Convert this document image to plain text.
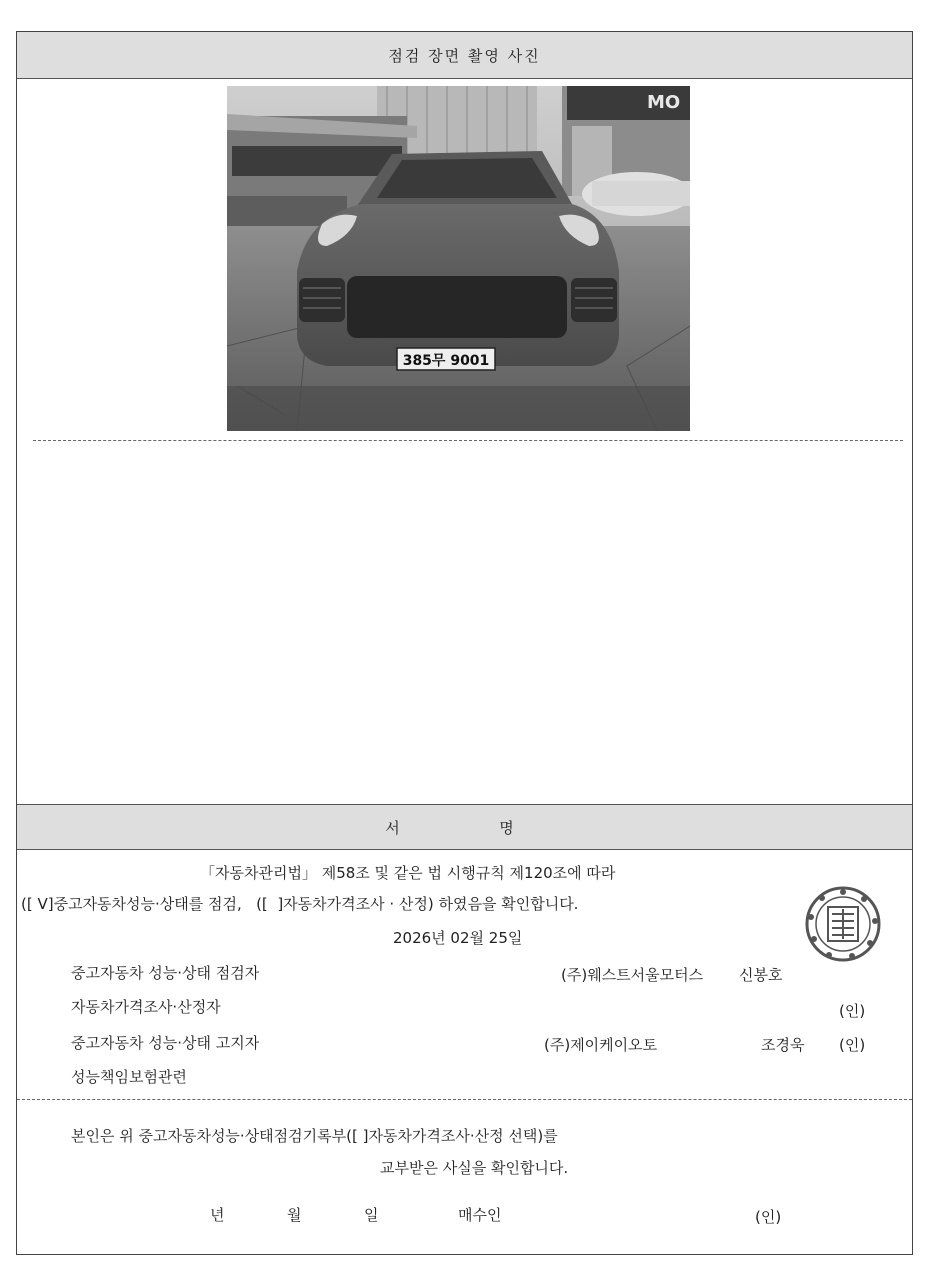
점검 장면 촬영 사진
MO
385무 9001
서  명
「자동차관리법」 제58조 및 같은 법 시행규칙 제120조에 따라
([ V]중고자동차성능·상태를 점검,   ([  ]자동차가격조사 · 산정) 하였음을 확인합니다.
2026년 02월 25일
중고자동차 성능·상태 점검자	(주)웨스트서울모터스 신봉호
자동차가격조사·산정자	(인)
중고자동차 성능·상태 고지자	(주)제이케이오토	조경욱 (인)
성능책임보험관련
본인은 위 중고자동차성능·상태점검기록부([ ]자동차가격조사·산정 선택)를
교부받은 사실을 확인합니다.
년	월	일	매수인	(인)
